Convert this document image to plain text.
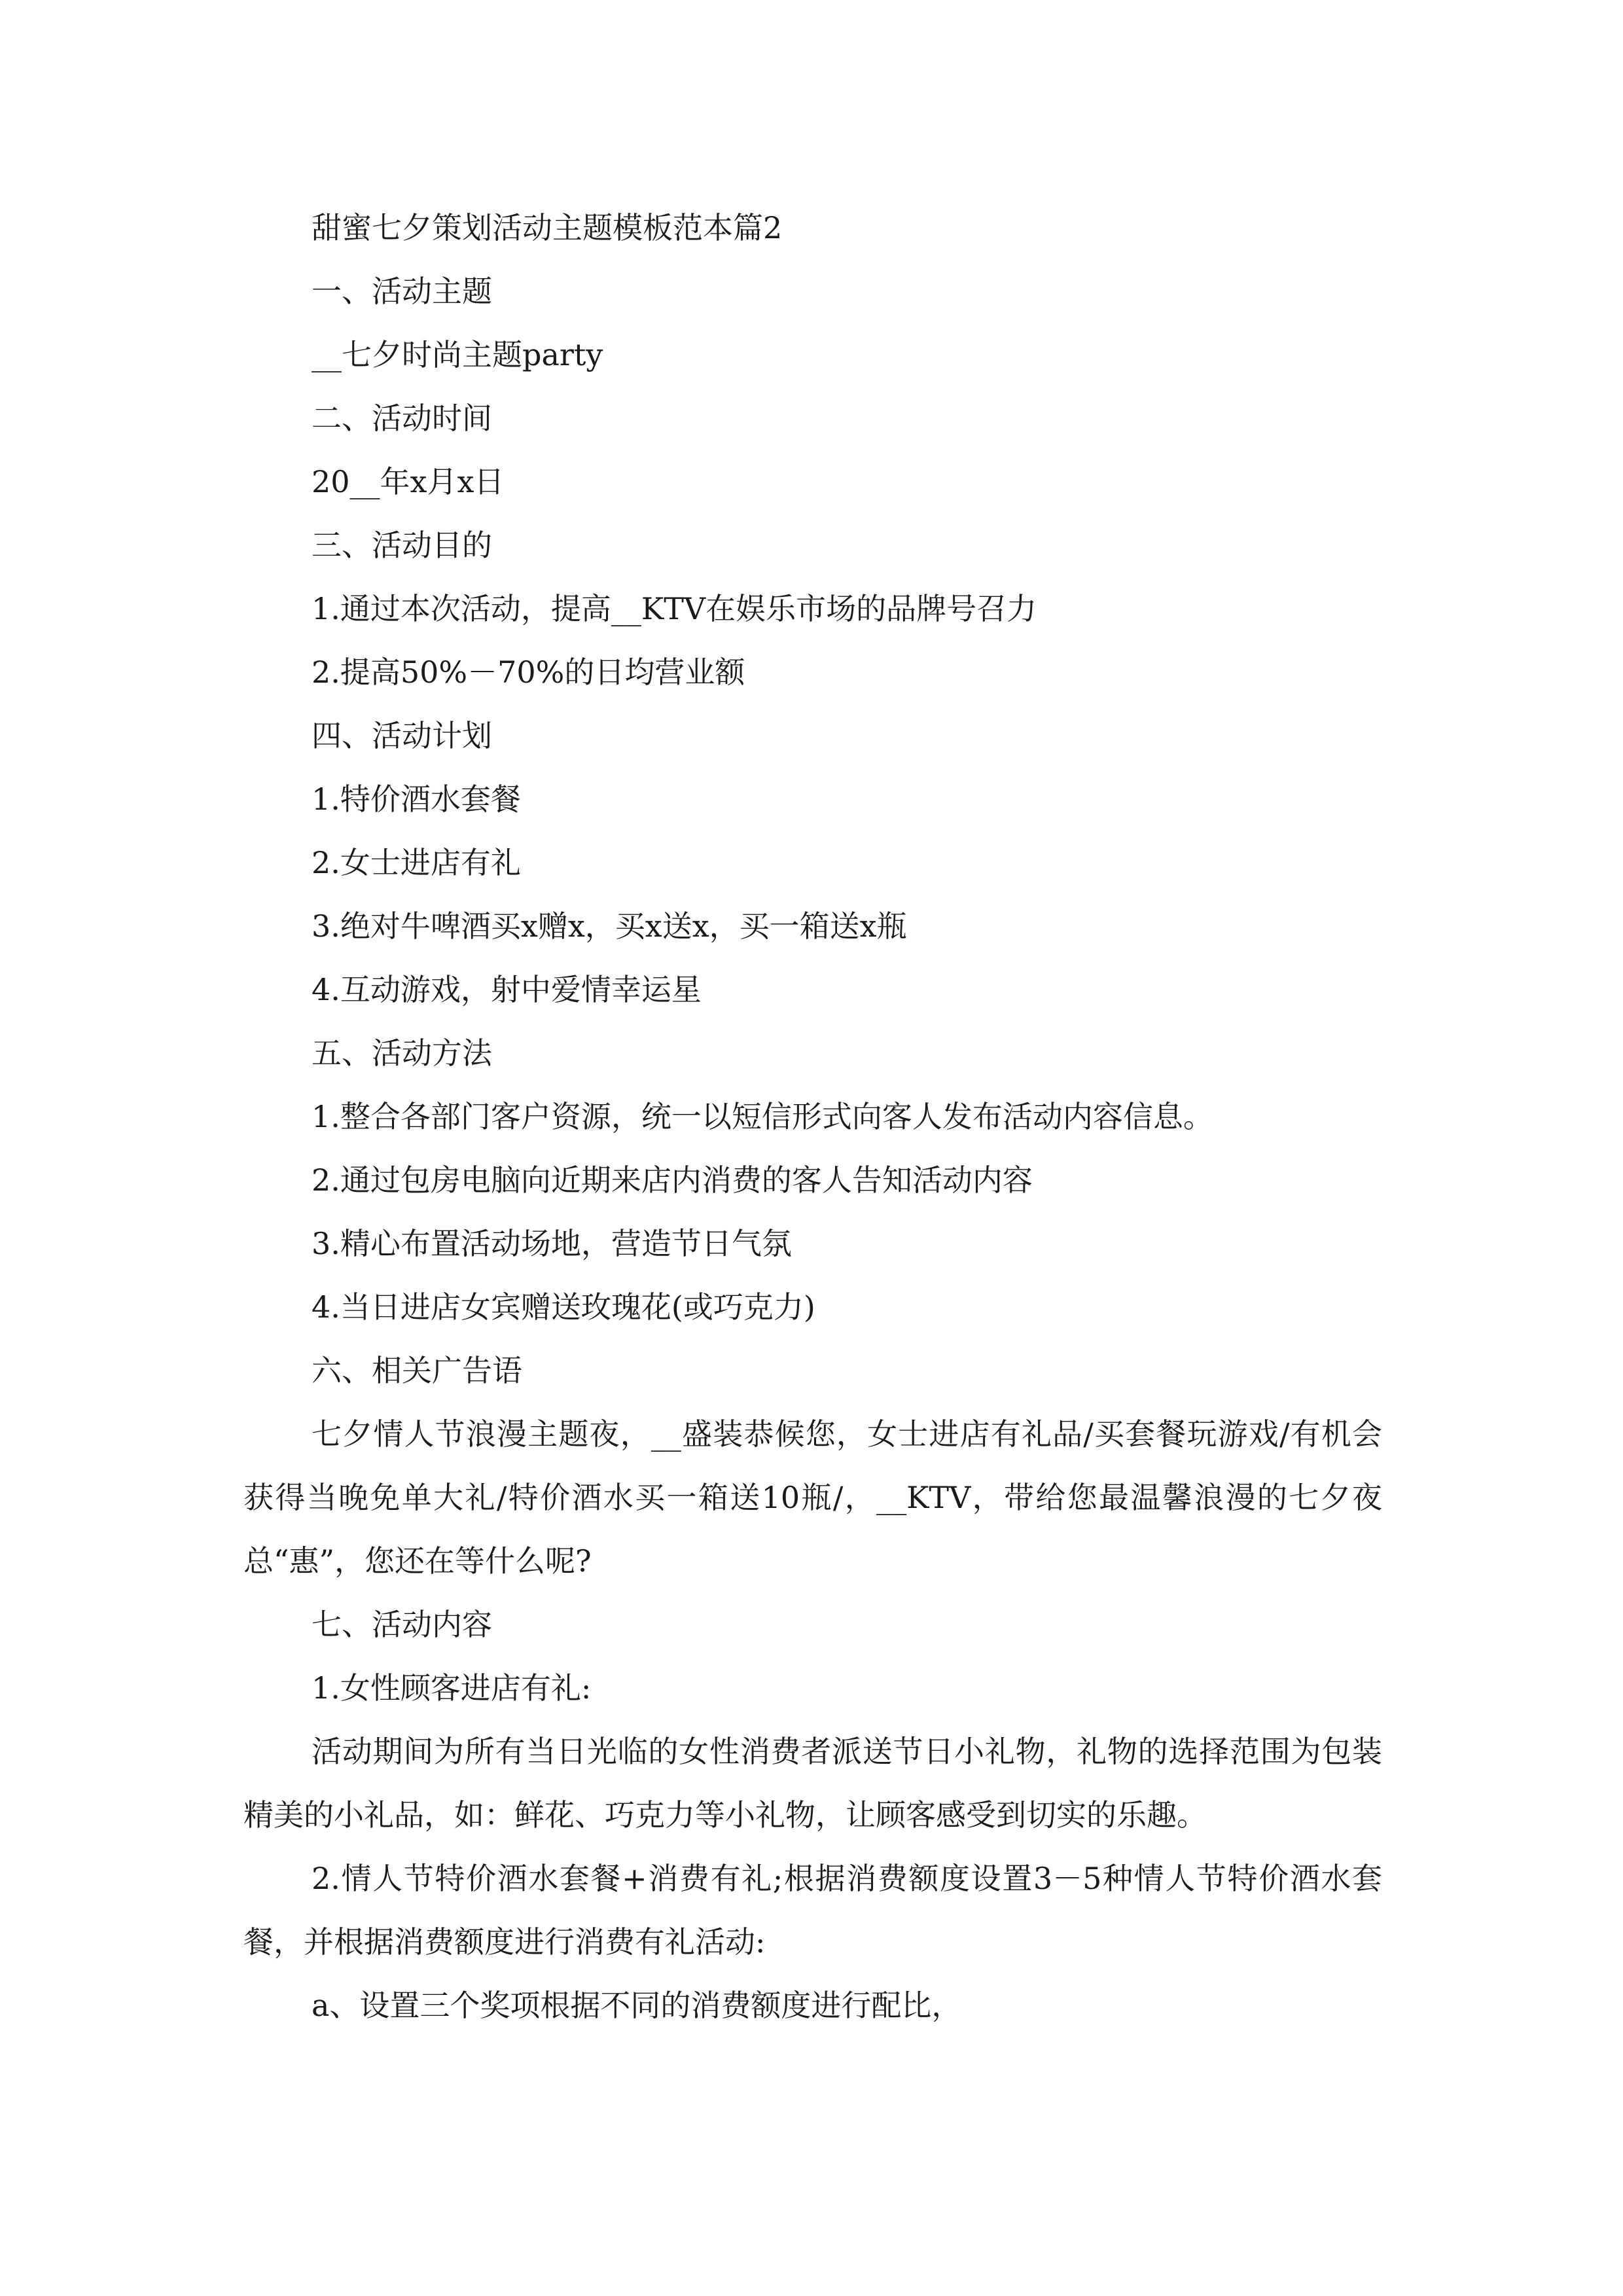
甜蜜七夕策划活动主题模板范本篇2

一、活动主题

__七夕时尚主题party

二、活动时间

20__年x月x日

三、活动目的

1.通过本次活动，提高__KTV在娱乐市场的品牌号召力

2.提高50%－70%的日均营业额

四、活动计划

1.特价酒水套餐

2.女士进店有礼

3.绝对牛啤酒买x赠x，买x送x，买一箱送x瓶

4.互动游戏，射中爱情幸运星

五、活动方法

1.整合各部门客户资源，统一以短信形式向客人发布活动内容信息。

2.通过包房电脑向近期来店内消费的客人告知活动内容

3.精心布置活动场地，营造节日气氛

4.当日进店女宾赠送玫瑰花(或巧克力)

六、相关广告语

七夕情人节浪漫主题夜，__盛装恭候您，女士进店有礼品/买套餐玩游戏/有机会获得当晚免单大礼/特价酒水买一箱送10瓶/，__KTV，带给您最温馨浪漫的七夕夜总“惠”，您还在等什么呢?

七、活动内容

1.女性顾客进店有礼:

活动期间为所有当日光临的女性消费者派送节日小礼物，礼物的选择范围为包装精美的小礼品，如：鲜花、巧克力等小礼物，让顾客感受到切实的乐趣。

2.情人节特价酒水套餐+消费有礼;根据消费额度设置3－5种情人节特价酒水套餐，并根据消费额度进行消费有礼活动:

a、设置三个奖项根据不同的消费额度进行配比，
